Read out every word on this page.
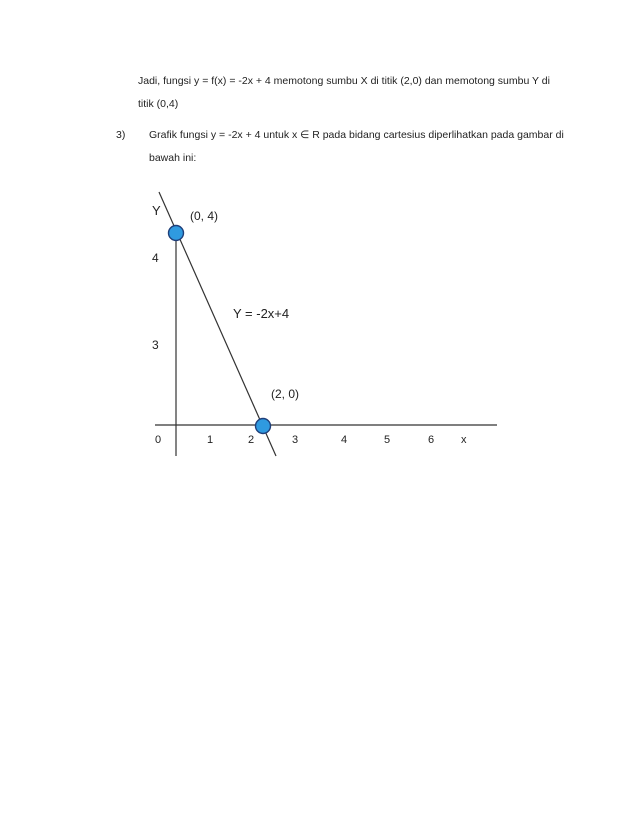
Jadi, fungsi y = f(x) = -2x + 4 memotong sumbu X di titik (2,0) dan memotong sumbu Y di
titik (0,4)
3) Grafik fungsi y = -2x + 4 untuk x ∈ R pada bidang cartesius diperlihatkan pada gambar di
bawah ini:
Y
x
4
3
0	1	2	3	4	5	6
(0, 4)
Y = -2x+4
(2, 0)
